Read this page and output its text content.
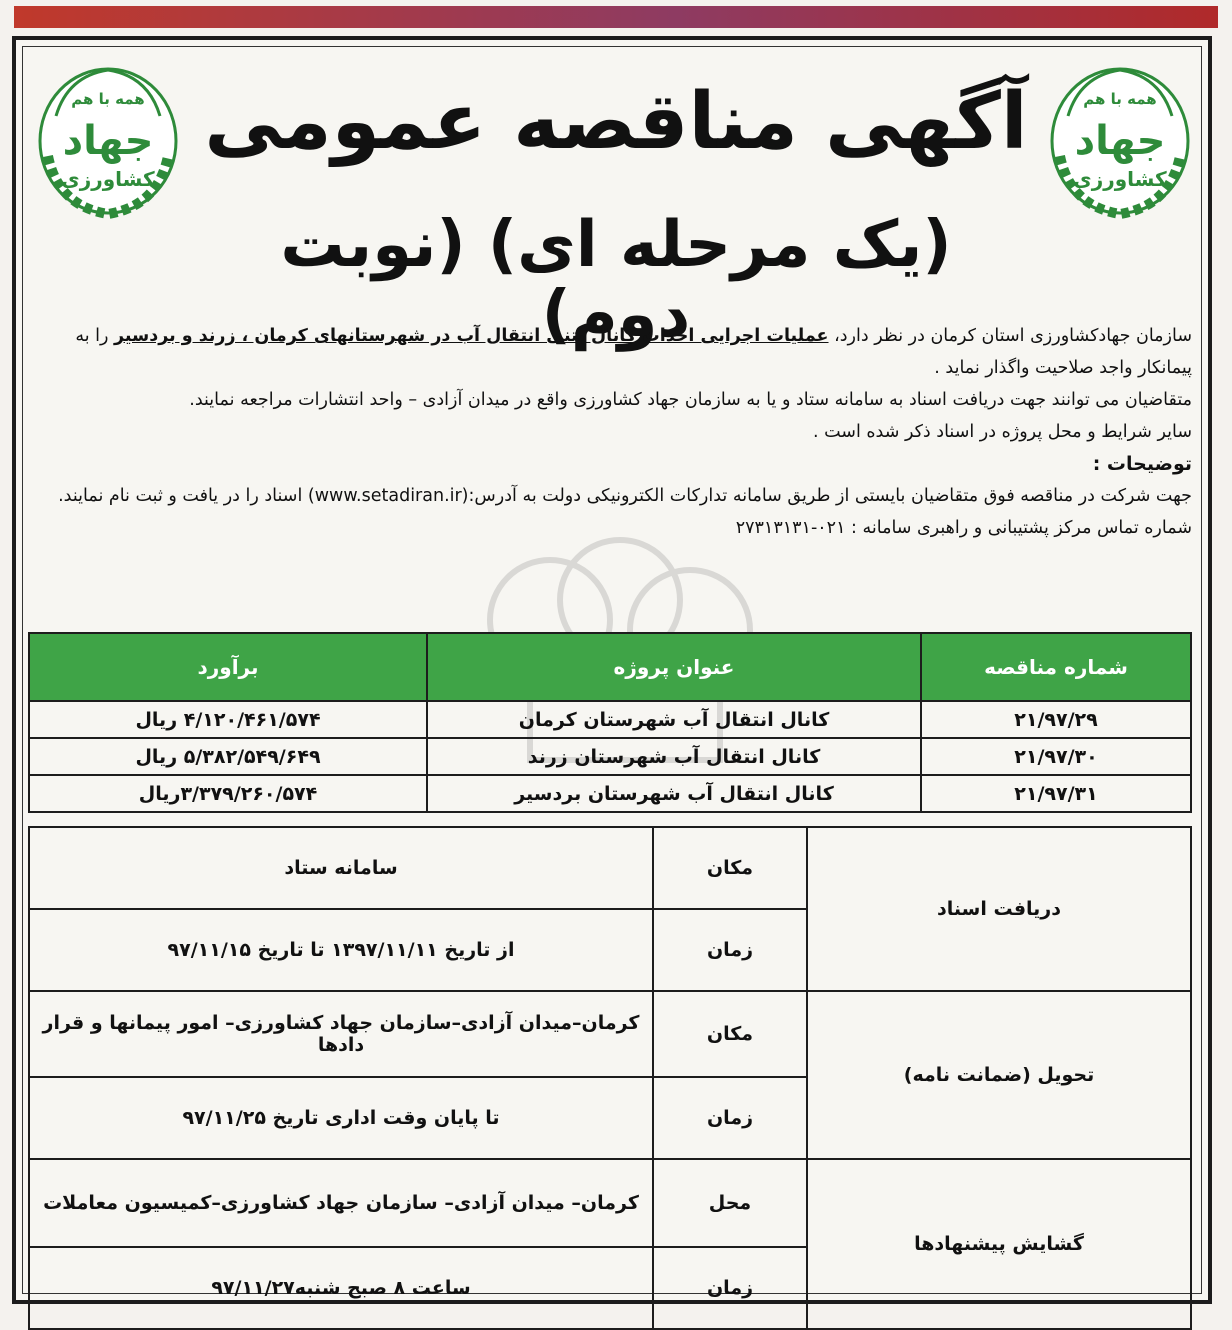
همه با هم
جهاد
کشاورزی
همه با هم
جهاد
کشاورزی
آگهی مناقصه عمومی
(یک مرحله ای) (نوبت دوم)	سازمان جهادکشاورزی استان کرمان در نظر دارد، عملیات اجرایی احداث کانال بتنی انتقال آب در شهرستانهای کرمان ، زرند و بردسیر را به پیمانکار واجد صلاحیت واگذار نماید .

متقاضیان می توانند جهت دریافت اسناد به سامانه ستاد و یا به سازمان جهاد کشاورزی واقع در میدان آزادی – واحد انتشارات مراجعه نمایند.

سایر شرایط و محل پروژه در اسناد ذکر شده است .

توضیحات :

جهت شرکت در مناقصه فوق متقاضیان بایستی از طریق سامانه تدارکات الکترونیکی دولت به آدرس:(www.setadiran.ir) اسناد را در یافت و ثبت نام نمایند.

شماره تماس مرکز پشتیبانی و راهبری سامانه : ۰۲۱-۲۷۳۱۳۱۳۱

شماره مناقصه	عنوان پروژه	برآورد
۲۱/۹۷/۲۹	کانال انتقال آب شهرستان کرمان	۴/۱۲۰/۴۶۱/۵۷۴ ریال
۲۱/۹۷/۳۰	کانال انتقال آب شهرستان زرند	۵/۳۸۲/۵۴۹/۶۴۹ ریال
۲۱/۹۷/۳۱	کانال انتقال آب شهرستان بردسیر	۳/۳۷۹/۲۶۰/۵۷۴ریال
دریافت اسناد	مکان	سامانه ستاد
	زمان	از تاریخ ۱۳۹۷/۱۱/۱۱ تا تاریخ ۹۷/۱۱/۱۵
تحویل (ضمانت نامه)	مکان	کرمان–میدان آزادی–سازمان جهاد کشاورزی– امور پیمانها و قرار دادها
	زمان	تا پایان وقت اداری تاریخ ۹۷/۱۱/۲۵
گشایش پیشنهادها	محل	کرمان– میدان آزادی– سازمان جهاد کشاورزی–کمیسیون معاملات
	زمان	ساعت ۸ صبح شنبه۹۷/۱۱/۲۷
